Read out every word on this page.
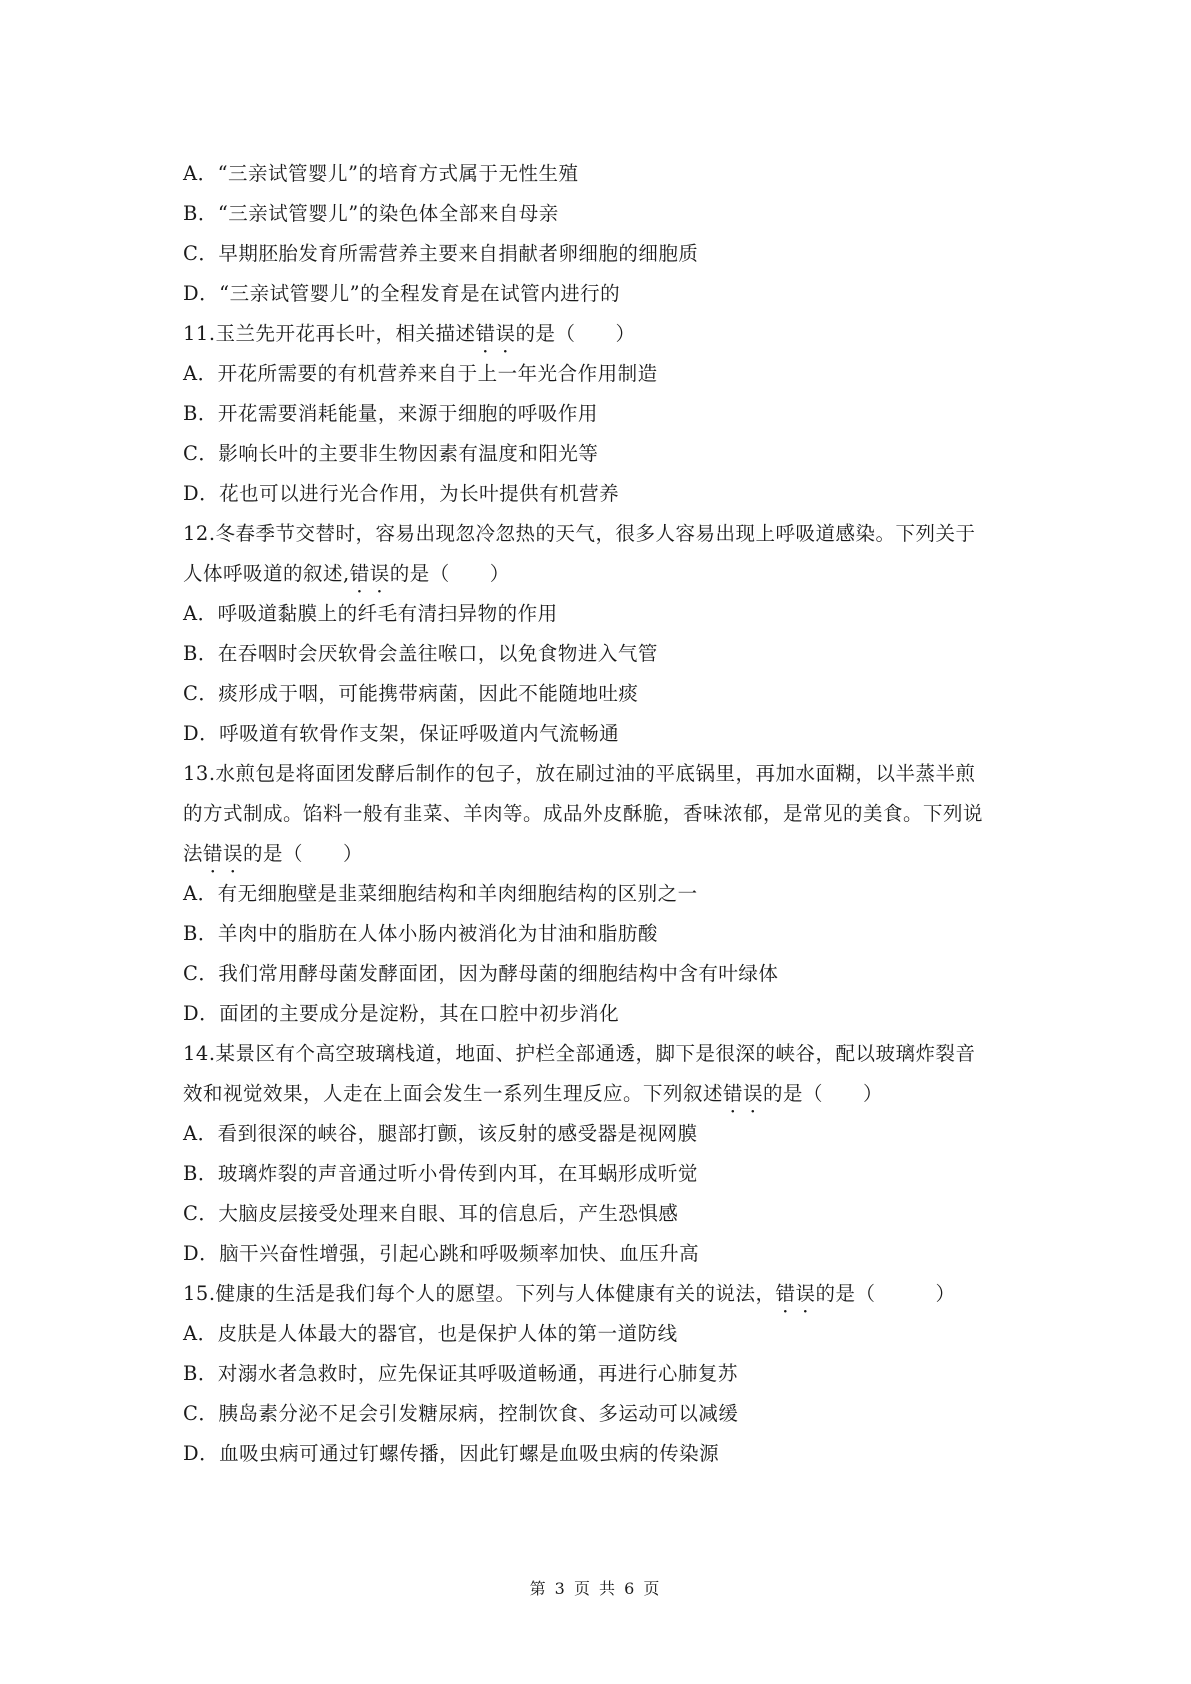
A．“三亲试管婴儿”的培育方式属于无性生殖
B．“三亲试管婴儿”的染色体全部来自母亲
C．早期胚胎发育所需营养主要来自捐献者卵细胞的细胞质
D．“三亲试管婴儿”的全程发育是在试管内进行的
11.玉兰先开花再长叶，相关描述错误的是（　　）
A．开花所需要的有机营养来自于上一年光合作用制造
B．开花需要消耗能量，来源于细胞的呼吸作用
C．影响长叶的主要非生物因素有温度和阳光等
D．花也可以进行光合作用，为长叶提供有机营养
12.冬春季节交替时，容易出现忽冷忽热的天气，很多人容易出现上呼吸道感染。下列关于
人体呼吸道的叙述,错误的是（　　）
A．呼吸道黏膜上的纤毛有清扫异物的作用
B．在吞咽时会厌软骨会盖往喉口，以免食物进入气管
C．痰形成于咽，可能携带病菌，因此不能随地吐痰
D．呼吸道有软骨作支架，保证呼吸道内气流畅通
13.水煎包是将面团发酵后制作的包子，放在刷过油的平底锅里，再加水面糊，以半蒸半煎
的方式制成。馅料一般有韭菜、羊肉等。成品外皮酥脆，香味浓郁，是常见的美食。下列说
法错误的是（　　）
A．有无细胞壁是韭菜细胞结构和羊肉细胞结构的区别之一
B．羊肉中的脂肪在人体小肠内被消化为甘油和脂肪酸
C．我们常用酵母菌发酵面团，因为酵母菌的细胞结构中含有叶绿体
D．面团的主要成分是淀粉，其在口腔中初步消化
14.某景区有个高空玻璃栈道，地面、护栏全部通透，脚下是很深的峡谷，配以玻璃炸裂音
效和视觉效果，人走在上面会发生一系列生理反应。下列叙述错误的是（　　）
A．看到很深的峡谷，腿部打颤，该反射的感受器是视网膜
B．玻璃炸裂的声音通过听小骨传到内耳，在耳蜗形成听觉
C．大脑皮层接受处理来自眼、耳的信息后，产生恐惧感
D．脑干兴奋性增强，引起心跳和呼吸频率加快、血压升高
15.健康的生活是我们每个人的愿望。下列与人体健康有关的说法，错误的是（　　　）
A．皮肤是人体最大的器官，也是保护人体的第一道防线
B．对溺水者急救时，应先保证其呼吸道畅通，再进行心肺复苏
C．胰岛素分泌不足会引发糖尿病，控制饮食、多运动可以减缓
D．血吸虫病可通过钉螺传播，因此钉螺是血吸虫病的传染源
第 3 页 共 6 页
